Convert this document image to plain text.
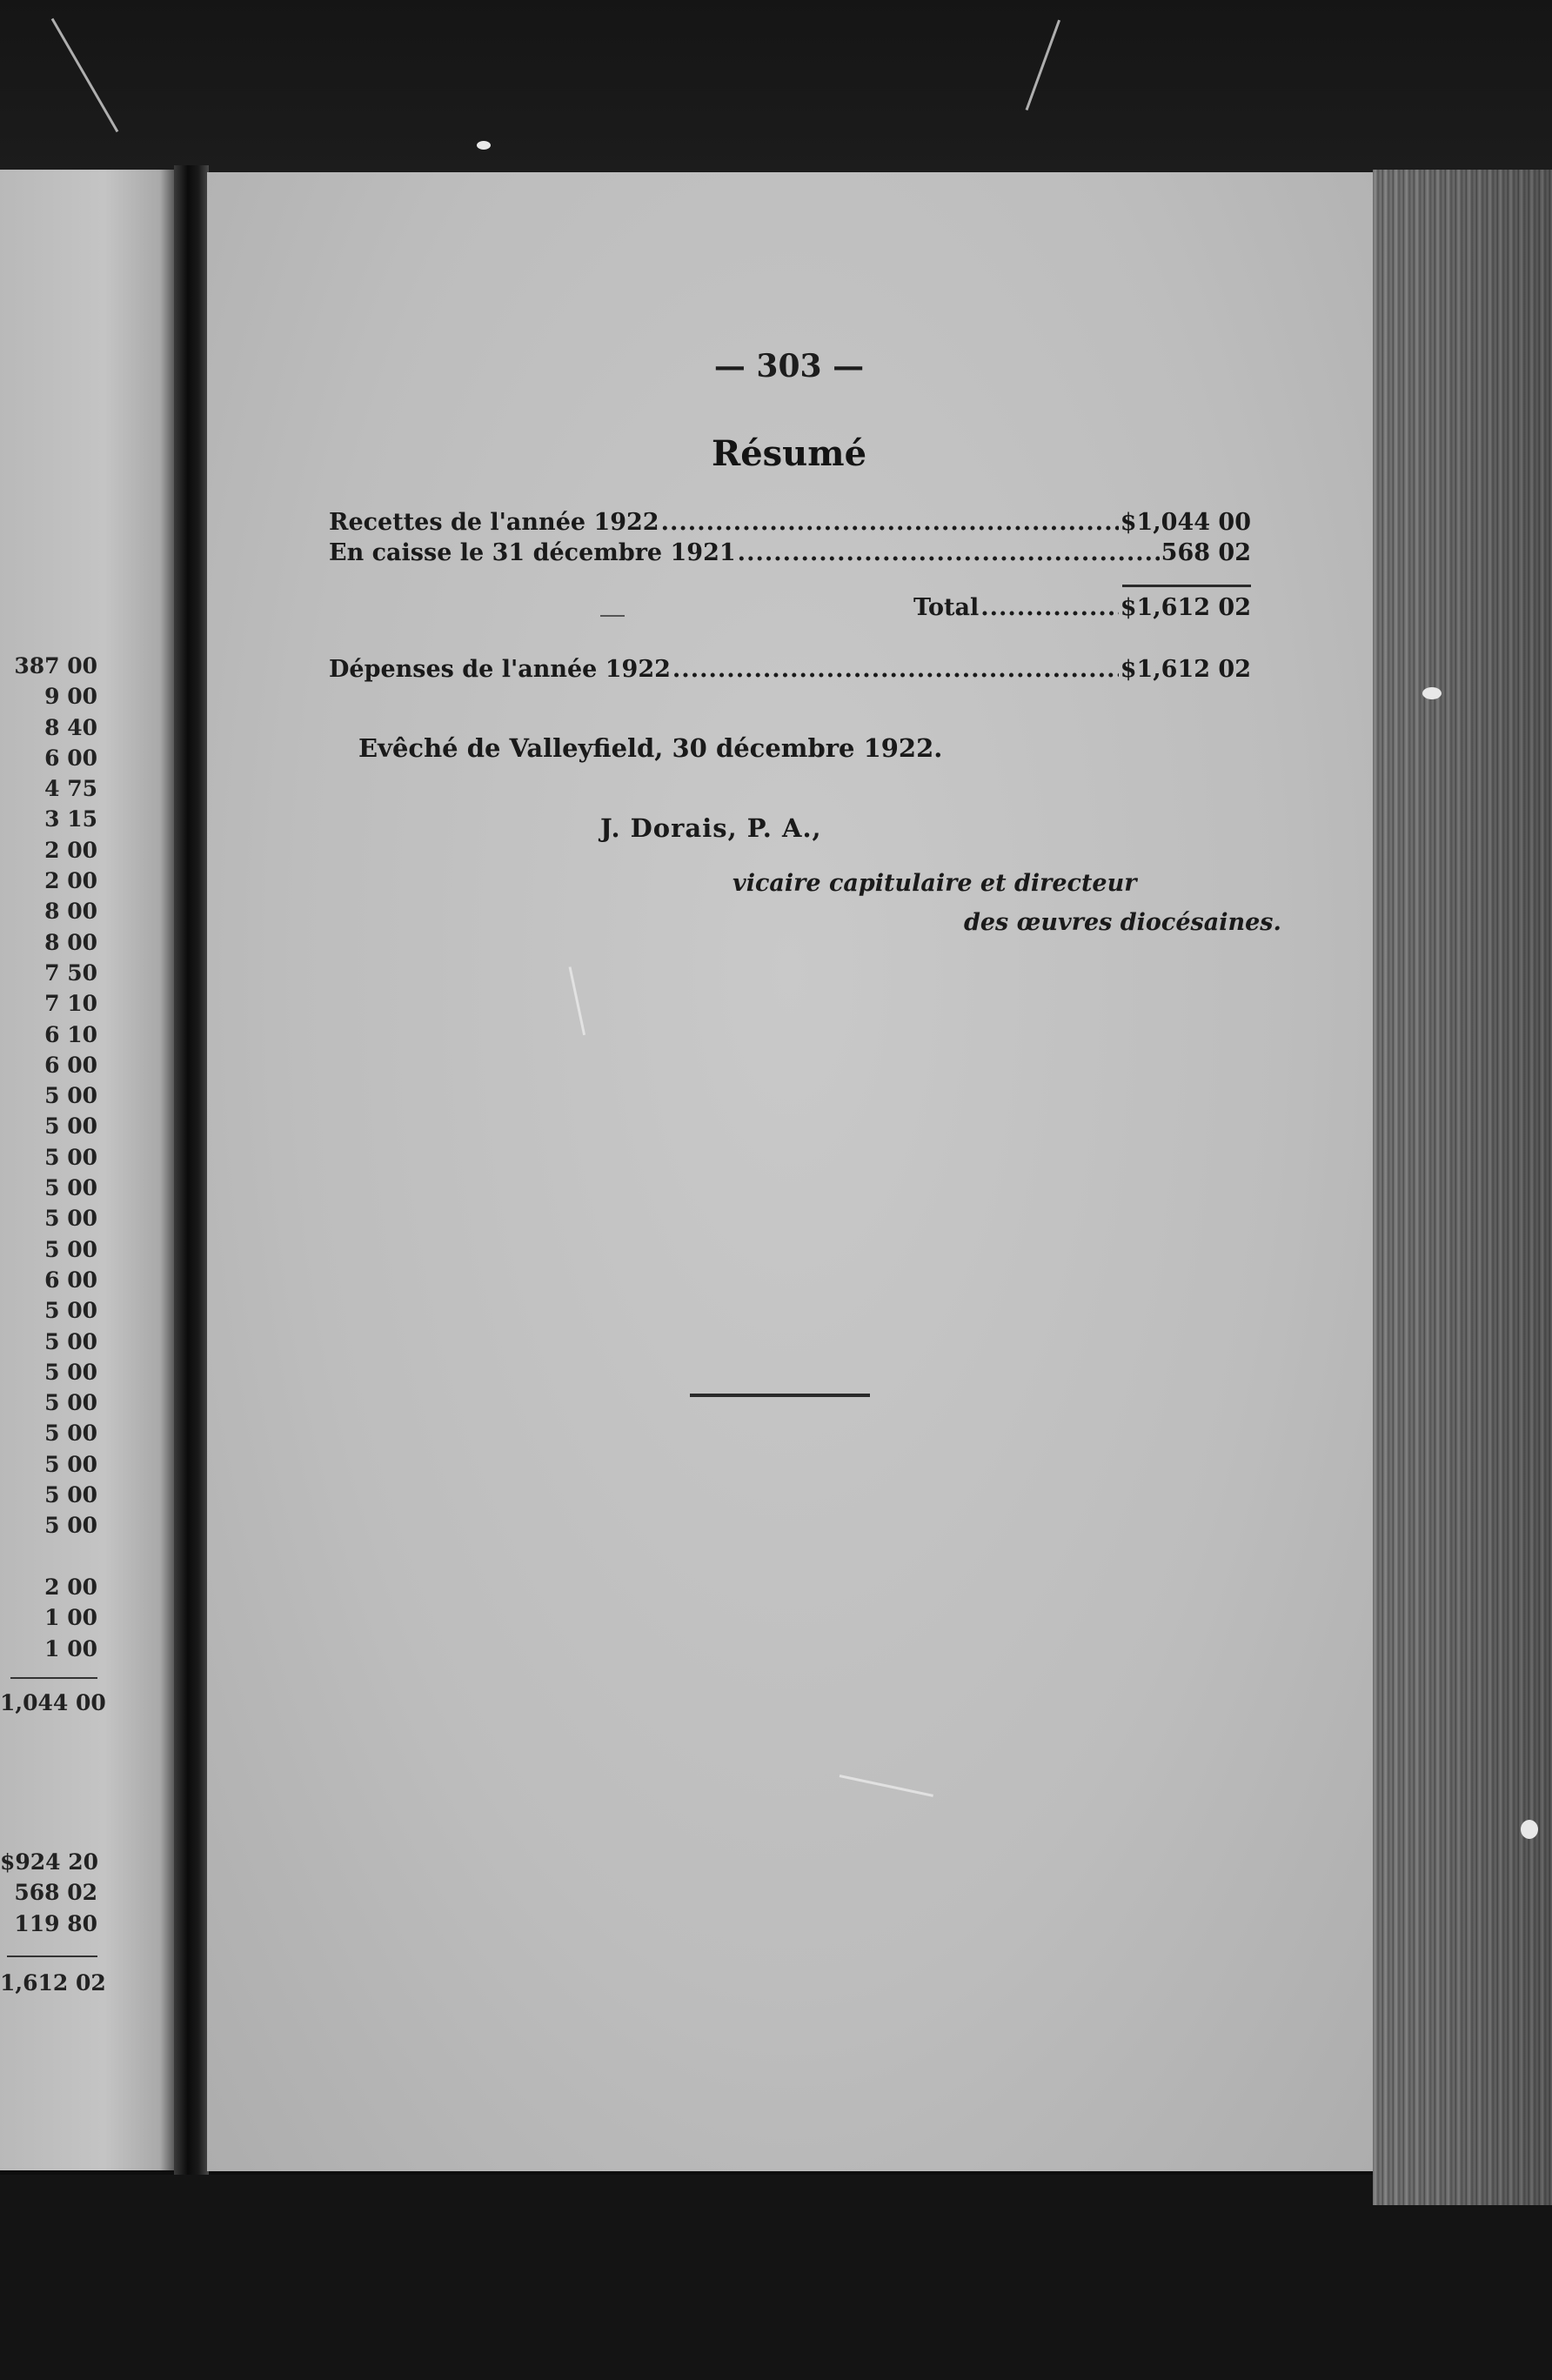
387 00
9 00
8 40
6 00
4 75
3 15
2 00
2 00
8 00
8 00
7 50
7 10
6 10
6 00
5 00
5 00
5 00
5 00
5 00
5 00
6 00
5 00
5 00
5 00
5 00
5 00
5 00
5 00
5 00
2 00
1 00
1 00
1,044 00
$924 20
568 02
119 80
1,612 02
— 303 —
Résumé
Recettes de l'année 1922 .....	$1,044 00
En caisse le 31 décembre 1921 .....	568 02
Total .....	$1,612 02
Dépenses de l'année 1922 .....	$1,612 02
Evêché de Valleyfield, 30 décembre 1922.
J. Dorais, P. A.,
vicaire capitulaire et directeur
des œuvres diocésaines.
